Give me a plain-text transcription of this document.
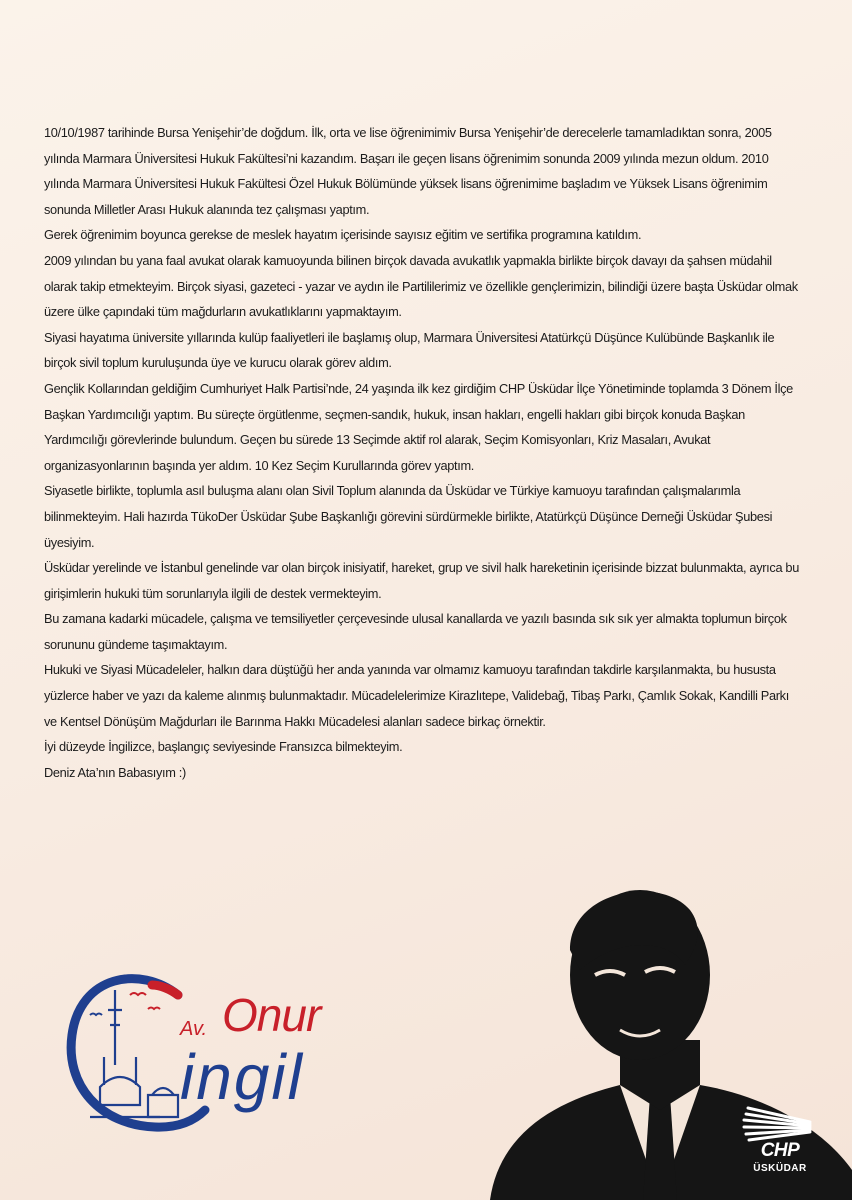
10/10/1987 tarihinde Bursa Yenişehir’de doğdum. İlk, orta ve lise öğrenimimiv Bursa Yenişehir’de derecelerle tamamladıktan sonra, 2005 yılında Marmara Üniversitesi Hukuk Fakültesi’ni kazandım. Başarı ile geçen lisans öğrenimim sonunda 2009 yılında mezun oldum. 2010 yılında Marmara Üniversitesi Hukuk Fakültesi Özel Hukuk Bölümünde yüksek lisans öğrenimime başladım ve Yüksek Lisans öğrenimim sonunda Milletler Arası Hukuk alanında tez çalışması yaptım.

Gerek öğrenimim boyunca gerekse de meslek hayatım içerisinde sayısız eğitim ve sertifika programına katıldım.

2009 yılından bu yana faal avukat olarak kamuoyunda bilinen birçok davada avukatlık yapmakla birlikte birçok davayı da şahsen müdahil olarak takip etmekteyim. Birçok siyasi, gazeteci - yazar ve aydın ile Partililerimiz ve özellikle gençlerimizin, bilindiği üzere başta Üsküdar olmak üzere ülke çapındaki tüm mağdurların avukatlıklarını yapmaktayım.

Siyasi hayatıma üniversite yıllarında kulüp faaliyetleri ile başlamış olup, Marmara Üniversitesi Atatürkçü Düşünce Kulübünde Başkanlık ile birçok sivil toplum kuruluşunda üye ve kurucu olarak görev aldım.

Gençlik Kollarından geldiğim Cumhuriyet Halk Partisi’nde, 24 yaşında ilk kez girdiğim CHP Üsküdar İlçe Yönetiminde toplamda 3 Dönem İlçe Başkan Yardımcılığı yaptım. Bu süreçte örgütlenme, seçmen-sandık, hukuk, insan hakları, engelli hakları gibi birçok konuda Başkan Yardımcılığı görevlerinde bulundum. Geçen bu sürede 13 Seçimde aktif rol alarak, Seçim Komisyonları, Kriz Masaları, Avukat organizasyonlarının başında yer aldım. 10 Kez Seçim Kurullarında görev yaptım.

Siyasetle birlikte, toplumla asıl buluşma alanı olan Sivil Toplum alanında da Üsküdar ve Türkiye kamuoyu tarafından çalışmalarımla bilinmekteyim. Hali hazırda TükoDer Üsküdar Şube Başkanlığı görevini sürdürmekle birlikte, Atatürkçü Düşünce Derneği Üsküdar Şubesi üyesiyim.

Üsküdar yerelinde ve İstanbul genelinde var olan birçok inisiyatif, hareket, grup ve sivil halk hareketinin içerisinde bizzat bulunmakta, ayrıca bu girişimlerin hukuki tüm sorunlarıyla ilgili de destek vermekteyim.

Bu zamana kadarki mücadele, çalışma ve temsiliyetler çerçevesinde ulusal kanallarda ve yazılı basında sık sık yer almakta toplumun birçok sorununu gündeme taşımaktayım.

Hukuki ve Siyasi Mücadeleler, halkın dara düştüğü her anda yanında var olmamız kamuoyu tarafından takdirle karşılanmakta, bu hususta yüzlerce haber ve yazı da kaleme alınmış bulunmaktadır. Mücadelelerimize Kirazlıtepe, Validebağ, Tibaş Parkı, Çamlık Sokak, Kandilli Parkı ve Kentsel Dönüşüm Mağdurları ile Barınma Hakkı Mücadelesi alanları sadece birkaç örnektir.

İyi düzeyde İngilizce, başlangıç seviyesinde Fransızca bilmekteyim.

Deniz Ata’nın Babasıyım :)

Av. Onur
ingil
CHP
ÜSKÜDAR
